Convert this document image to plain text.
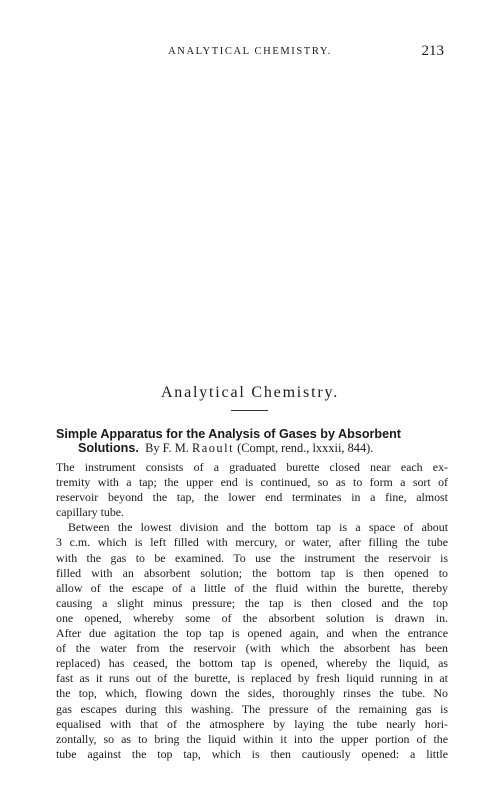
ANALYTICAL CHEMISTRY.	213
Analytical Chemistry.
Simple Apparatus for the Analysis of Gases by Absorbent
Solutions. By F. M. Raoult (Compt, rend., lxxxii, 844).

The instrument consists of a graduated burette closed near each ex-
tremity with a tap; the upper end is continued, so as to form a sort of
reservoir beyond the tap, the lower end terminates in a fine, almost
capillary tube.

Between the lowest division and the bottom tap is a space of about
3 c.m. which is left filled with mercury, or water, after filling the tube
with the gas to be examined. To use the instrument the reservoir is
filled with an absorbent solution; the bottom tap is then opened to
allow of the escape of a little of the fluid within the burette, thereby
causing a slight minus pressure; the tap is then closed and the top
one opened, whereby some of the absorbent solution is drawn in.
After due agitation the top tap is opened again, and when the entrance
of the water from the reservoir (with which the absorbent has been
replaced) has ceased, the bottom tap is opened, whereby the liquid, as
fast as it runs out of the burette, is replaced by fresh liquid running in at
the top, which, flowing down the sides, thoroughly rinses the tube. No
gas escapes during this washing. The pressure of the remaining gas is
equalised with that of the atmosphere by laying the tube nearly hori-
zontally, so as to bring the liquid within it into the upper portion of the
tube against the top tap, which is then cautiously opened: a little
